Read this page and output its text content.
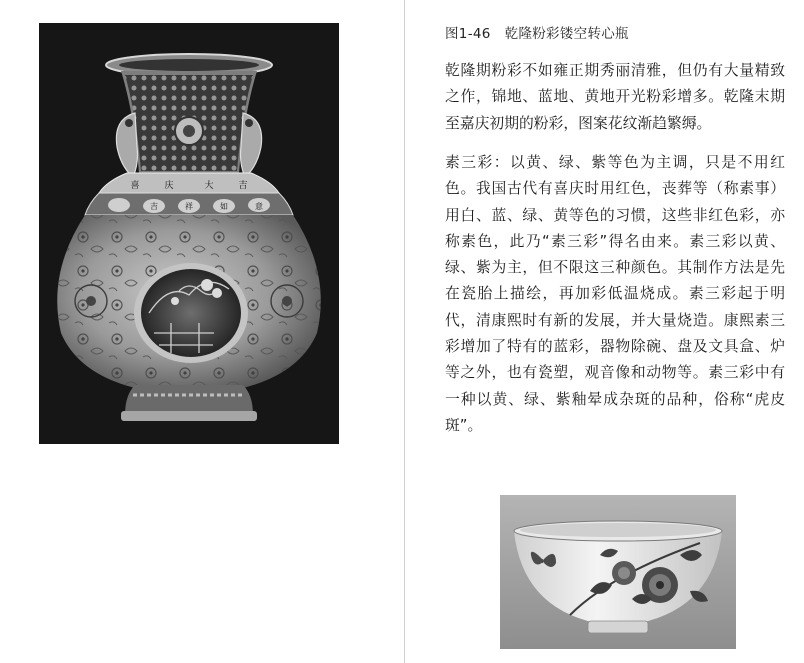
喜	庆	大	吉
吉	祥	如	意
图1-46 乾隆粉彩镂空转心瓶
乾隆期粉彩不如雍正期秀丽清雅，但仍有大量精致之作，锦地、蓝地、黄地开光粉彩增多。乾隆末期至嘉庆初期的粉彩，图案花纹渐趋繁缛。
素三彩：以黄、绿、紫等色为主调，只是不用红色。我国古代有喜庆时用红色，丧葬等（称素事）用白、蓝、绿、黄等色的习惯，这些非红色彩，亦称素色，此乃“素三彩”得名由来。素三彩以黄、绿、紫为主，但不限这三种颜色。其制作方法是先在瓷胎上描绘，再加彩低温烧成。素三彩起于明代，清康熙时有新的发展，并大量烧造。康熙素三彩增加了特有的蓝彩，器物除碗、盘及文具盒、炉等之外，也有瓷塑，观音像和动物等。素三彩中有一种以黄、绿、紫釉晕成杂斑的品种，俗称“虎皮斑”。
